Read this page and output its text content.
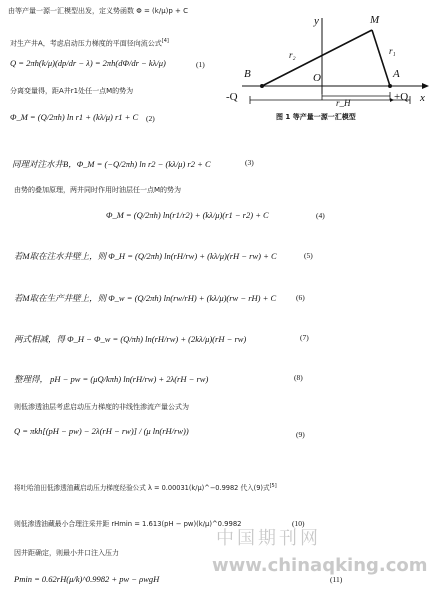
由等产量一源一汇模型出发，定义势函数 Φ = (k/μ)p + C
M
y
x
B	A
O
r₂	r₁
r_H
-Q	+Q
图 1 等产量一源一汇模型
对生产井A，考虑启动压力梯度的平面径向流公式[4]
Q = 2πh(k/μ)(dp/dr − λ) = 2πh(dΦ/dr − kλ/μ)	(1)
分离变量得，距A井r1处任一点M的势为
Φ_M = (Q/2πh) ln r1 + (kλ/μ) r1 + C (2)
同理对注水井B，Φ_M = (−Q/2πh) ln r2 − (kλ/μ) r2 + C	(3)
由势的叠加原理，两井同时作用时油层任一点M的势为
Φ_M = (Q/2πh) ln(r1/r2) + (kλ/μ)(r1 − r2) + C	(4)
若M取在注水井壁上，则 Φ_H = (Q/2πh) ln(rH/rw) + (kλ/μ)(rH − rw) + C	(5)
若M取在生产井壁上，则 Φ_w = (Q/2πh) ln(rw/rH) + (kλ/μ)(rw − rH) + C	(6)
两式相减，得 Φ_H − Φ_w = (Q/πh) ln(rH/rw) + (2kλ/μ)(rH − rw)	(7)
整理得， pH − pw = (μQ/kπh) ln(rH/rw) + 2λ(rH − rw)	(8)
则低渗透油层考虑启动压力梯度的非线性渗流产量公式为
Q = πkh[(pH − pw) − 2λ(rH − rw)] / (μ ln(rH/rw))	(9)
将吐哈油田低渗透油藏启动压力梯度经验公式 λ = 0.00031(k/μ)^−0.9982 代入(9)式[5]
则低渗透油藏最小合理注采井距 rHmin = 1.613(pH − pw)(k/μ)^0.9982	(10)
因井距确定，则最小井口注入压力
Pmin = 0.62rH(μ/k)^0.9982 + pw − ρwgH	(11)
中国期刊网
www.chinaqking.com
